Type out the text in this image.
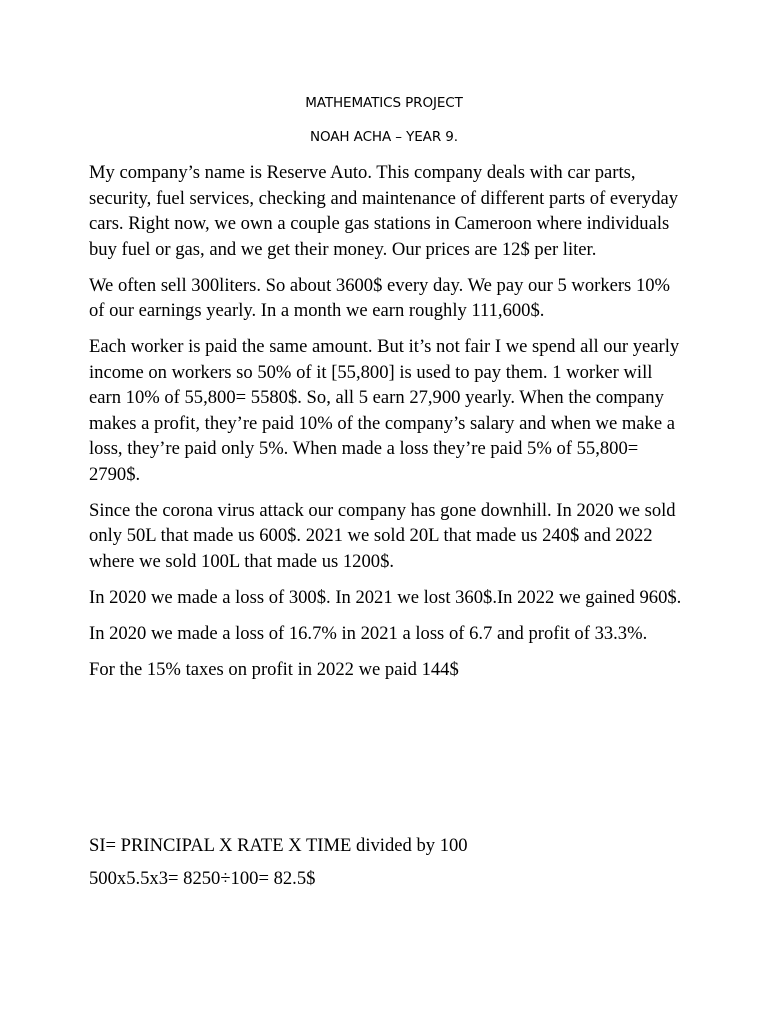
MATHEMATICS PROJECT
NOAH ACHA – YEAR 9.

My company’s name is Reserve Auto. This company deals with car parts, security, fuel services, checking and maintenance of different parts of everyday cars. Right now, we own a couple gas stations in Cameroon where individuals buy fuel or gas, and we get their money. Our prices are 12$ per liter.

We often sell 300liters. So about 3600$ every day. We pay our 5 workers 10% of our earnings yearly. In a month we earn roughly 111,600$.

Each worker is paid the same amount. But it’s not fair I we spend all our yearly income on workers so 50% of it [55,800] is used to pay them. 1 worker will earn 10% of 55,800= 5580$. So, all 5 earn 27,900 yearly. When the company makes a profit, they’re paid 10% of the company’s salary and when we make a loss, they’re paid only 5%. When made a loss they’re paid 5% of 55,800= 2790$.

Since the corona virus attack our company has gone downhill. In 2020 we sold only 50L that made us 600$. 2021 we sold 20L that made us 240$ and 2022 where we sold 100L that made us 1200$.

In 2020 we made a loss of 300$. In 2021 we lost 360$.In 2022 we gained 960$.

In 2020 we made a loss of 16.7% in 2021 a loss of 6.7 and profit of 33.3%.

For the 15% taxes on profit in 2022 we paid 144$

SI= PRINCIPAL X RATE X TIME divided by 100

500x5.5x3= 8250÷100= 82.5$
